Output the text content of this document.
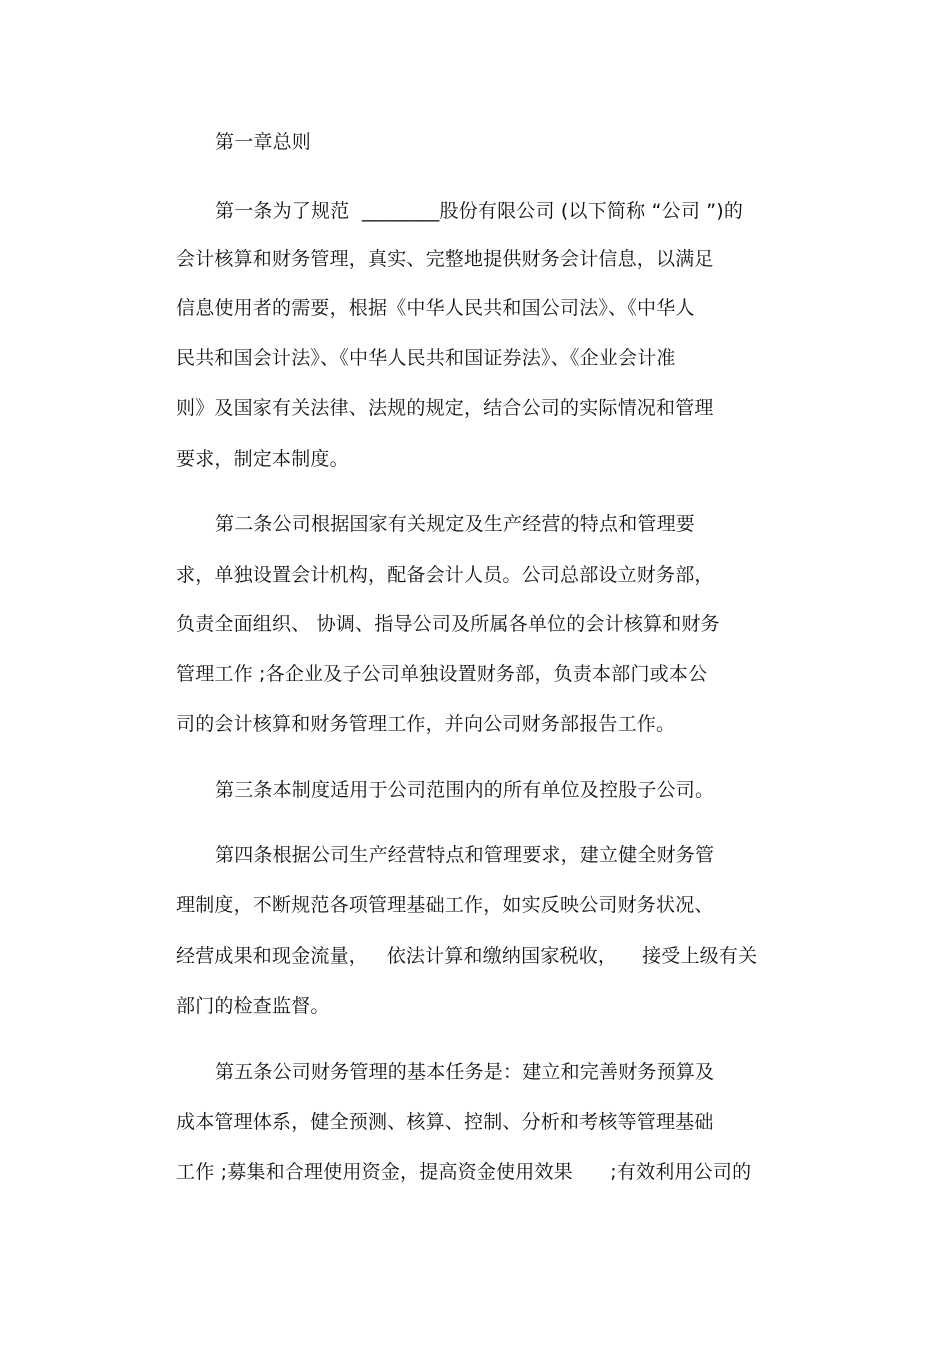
第一章总则
第一条为了规范  ________股份有限公司 (以下简称 “公司 ”)的
会计核算和财务管理，真实、完整地提供财务会计信息，以满足
信息使用者的需要，根据《中华人民共和国公司法》、《中华人
民共和国会计法》、《中华人民共和国证券法》、《企业会计准
则》及国家有关法律、法规的规定，结合公司的实际情况和管理
要求，制定本制度。
第二条公司根据国家有关规定及生产经营的特点和管理要
求，单独设置会计机构，配备会计人员。公司总部设立财务部，
负责全面组织、 协调、指导公司及所属各单位的会计核算和财务
管理工作 ;各企业及子公司单独设置财务部，负责本部门或本公
司的会计核算和财务管理工作，并向公司财务部报告工作。
第三条本制度适用于公司范围内的所有单位及控股子公司。
第四条根据公司生产经营特点和管理要求，建立健全财务管
理制度，不断规范各项管理基础工作，如实反映公司财务状况、
经营成果和现金流量，   依法计算和缴纳国家税收，    接受上级有关
部门的检查监督。
第五条公司财务管理的基本任务是：建立和完善财务预算及
成本管理体系，健全预测、核算、控制、分析和考核等管理基础
工作 ;募集和合理使用资金，提高资金使用效果      ;有效利用公司的
